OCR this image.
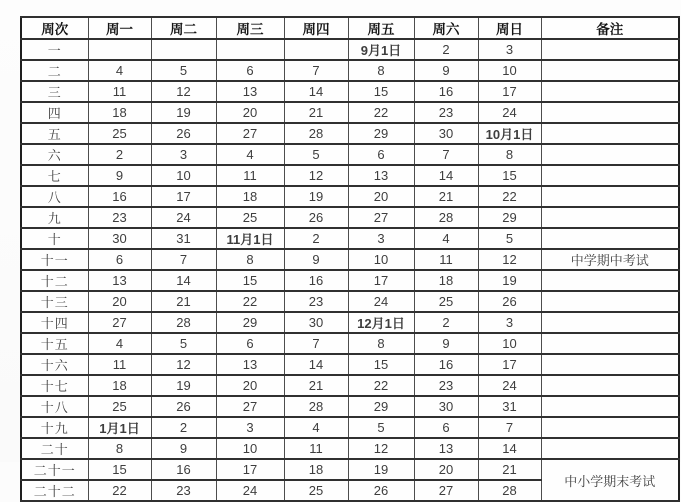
周次	周一	周二	周三	周四	周五	周六	周日	备注
一					9月1日	2	3	
二	4	5	6	7	8	9	10	
三	11	12	13	14	15	16	17	
四	18	19	20	21	22	23	24	
五	25	26	27	28	29	30	10月1日	
六	2	3	4	5	6	7	8	
七	9	10	11	12	13	14	15	
八	16	17	18	19	20	21	22	
九	23	24	25	26	27	28	29	
十	30	31	11月1日	2	3	4	5	
十一	6	7	8	9	10	11	12	中学期中考试
十二	13	14	15	16	17	18	19	
十三	20	21	22	23	24	25	26	
十四	27	28	29	30	12月1日	2	3	
十五	4	5	6	7	8	9	10	
十六	11	12	13	14	15	16	17	
十七	18	19	20	21	22	23	24	
十八	25	26	27	28	29	30	31	
十九	1月1日	2	3	4	5	6	7	
二十	8	9	10	11	12	13	14	
二十一	15	16	17	18	19	20	21	中小学期末考试
二十二	22	23	24	25	26	27	28	
